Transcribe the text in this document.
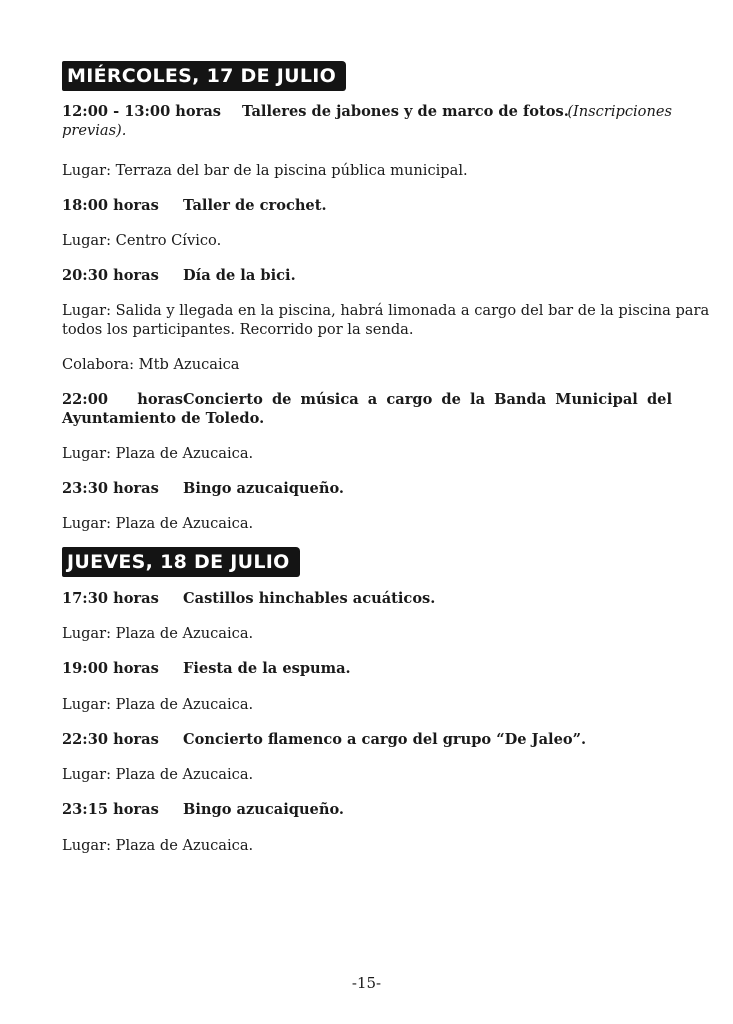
MIÉRCOLES, 17 DE JULIO
12:00 - 13:00 horas Talleres de jabones y de marco de fotos.
(Inscripciones
previas).
Lugar: Terraza del bar de la piscina pública municipal.
18:00 horas Taller de crochet.
Lugar: Centro Cívico.
20:30 horas Día de la bici.
Lugar: Salida y llegada en la piscina, habrá limonada a cargo del bar de la piscina para
todos los participantes. Recorrido por la senda.
Colabora: Mtb Azucaica
22:00 horasConcierto de música a cargo de la Banda Municipal del
Ayuntamiento de Toledo.
Lugar: Plaza de Azucaica.
23:30 horas Bingo azucaiqueño.
Lugar: Plaza de Azucaica.
JUEVES, 18 DE JULIO
17:30 horas Castillos hinchables acuáticos.
Lugar: Plaza de Azucaica.
19:00 horas Fiesta de la espuma.
Lugar: Plaza de Azucaica.
22:30 horas Concierto flamenco a cargo del grupo “De Jaleo”.
Lugar: Plaza de Azucaica.
23:15 horas Bingo azucaiqueño.
Lugar: Plaza de Azucaica.
-15-
